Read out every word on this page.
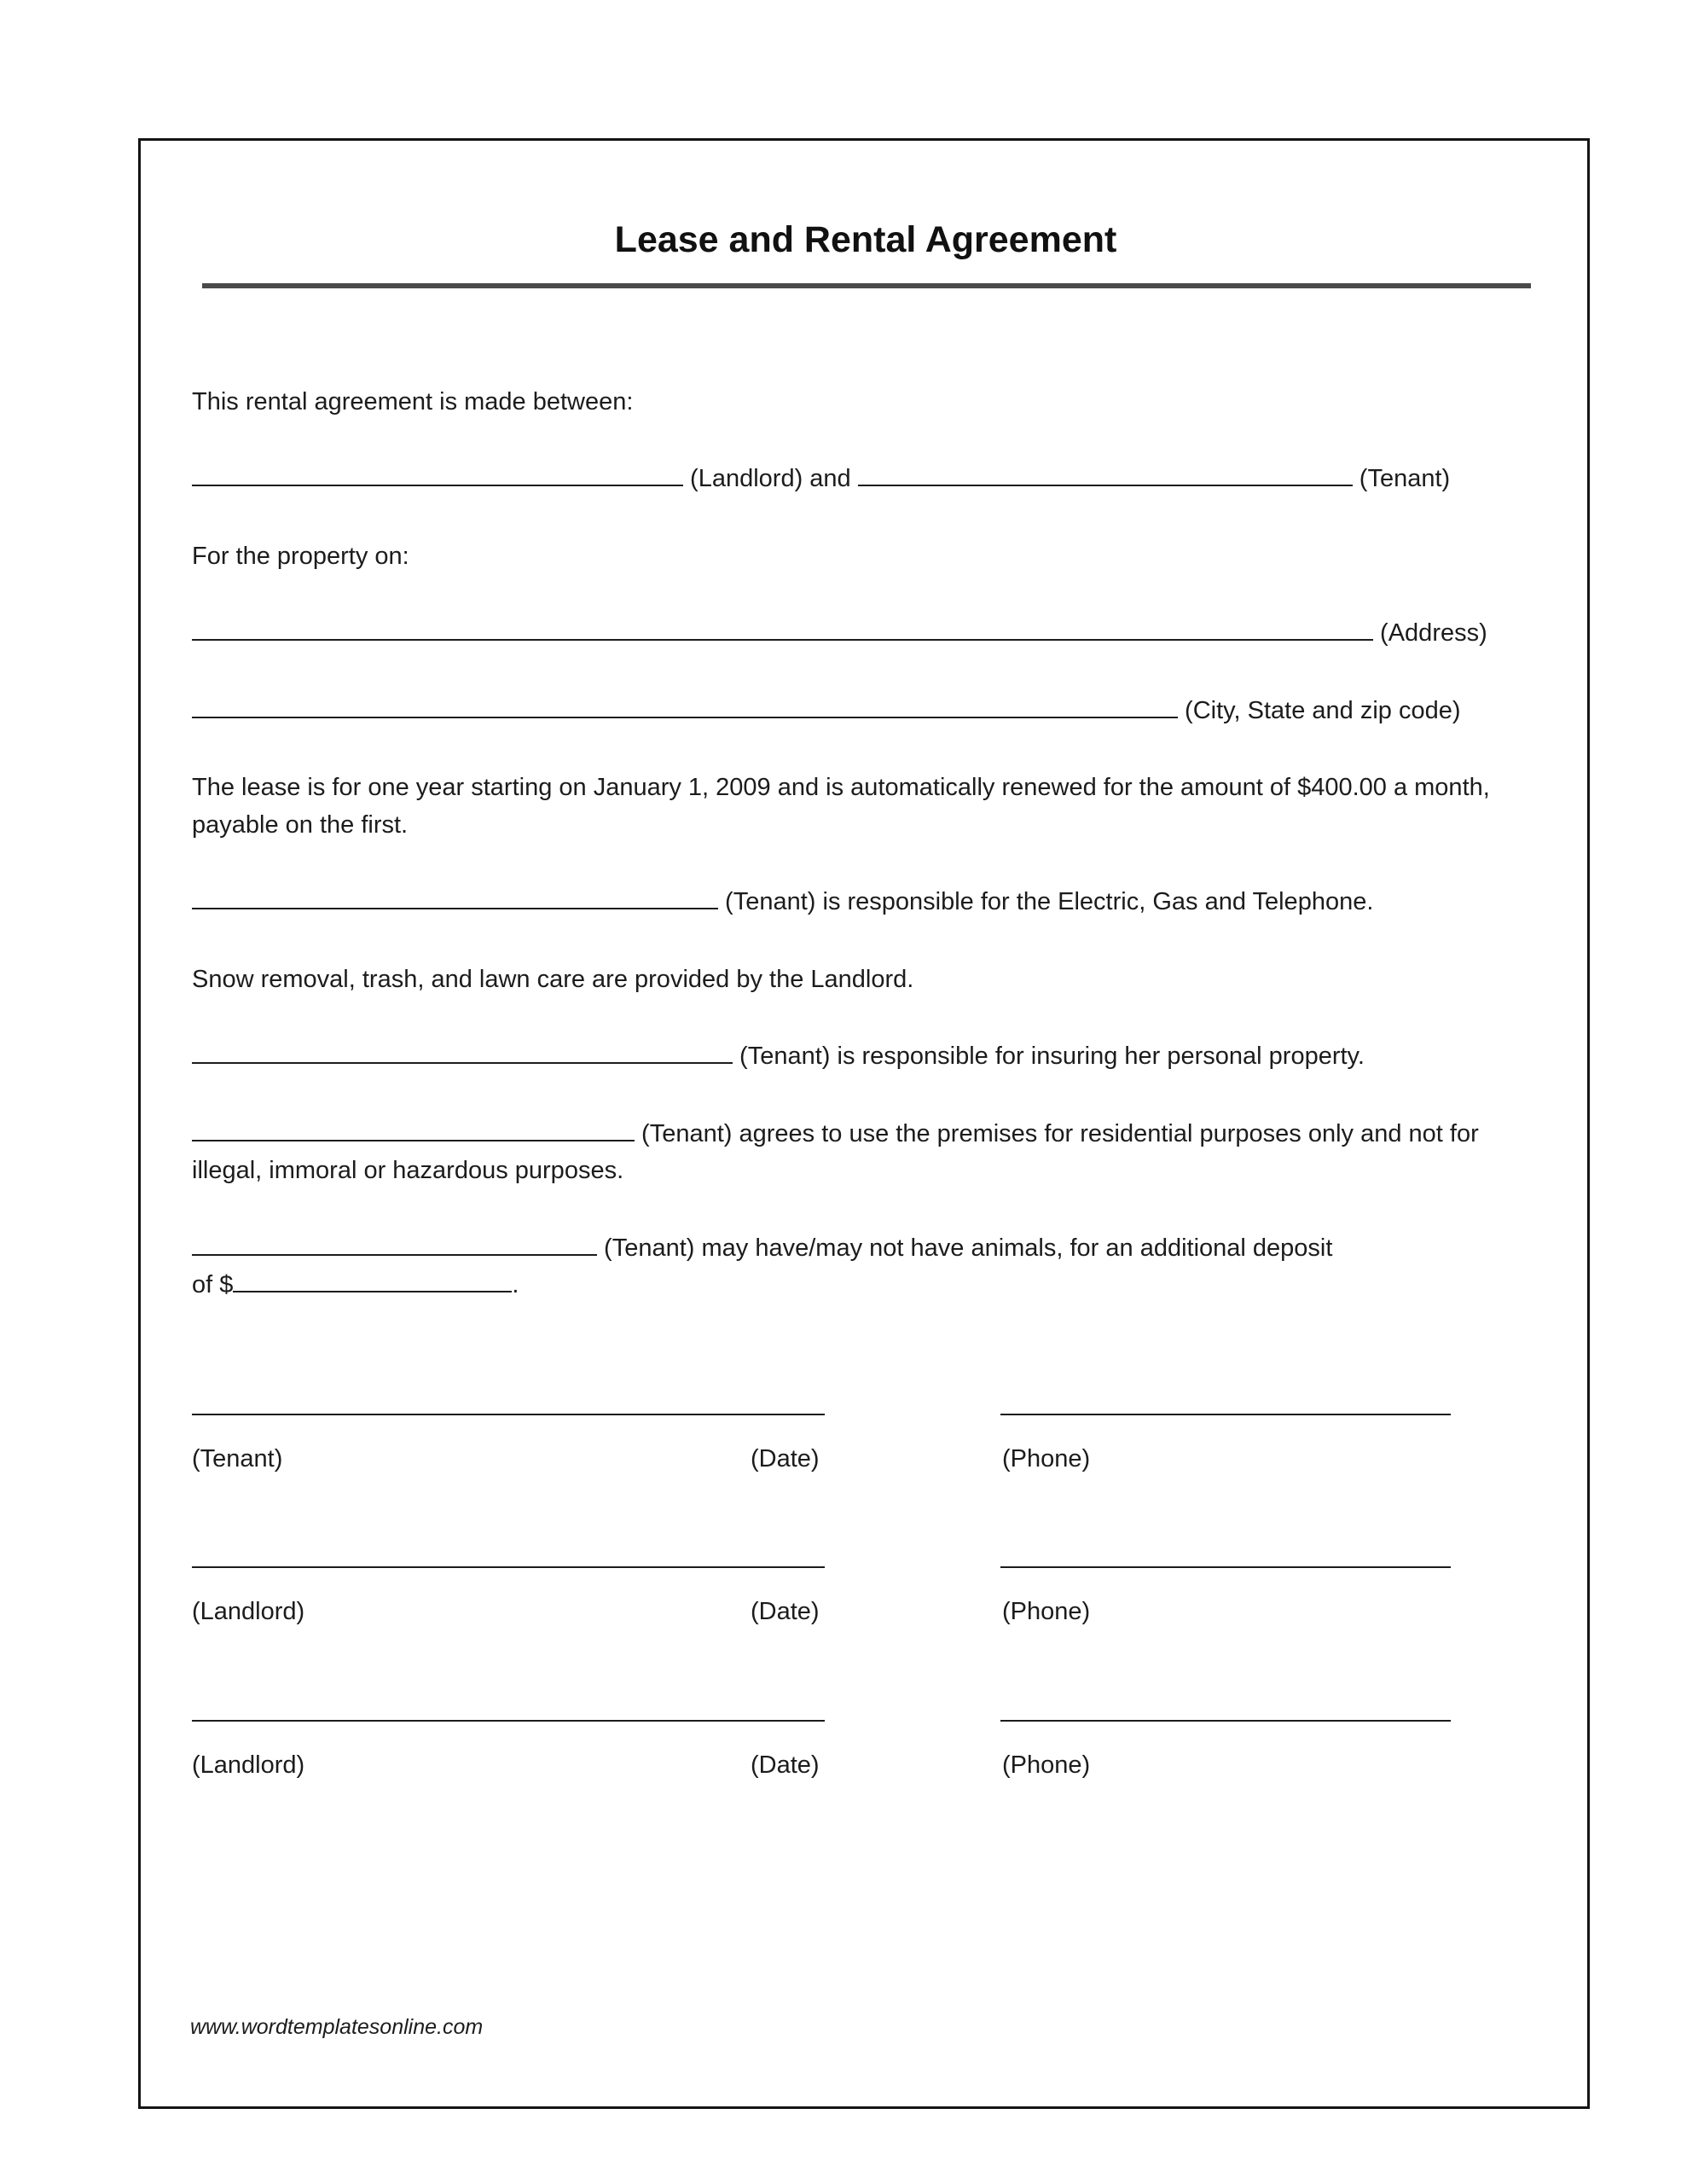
Lease and Rental Agreement

This rental agreement is made between:

(Landlord) and	(Tenant)

For the property on:

(Address)

(City, State and zip code)

The lease is for one year starting on January 1, 2009 and is automatically renewed for the amount of $400.00 a month, payable on the first.

(Tenant) is responsible for the Electric, Gas and Telephone.

Snow removal, trash, and lawn care are provided by the Landlord.

(Tenant) is responsible for insuring her personal property.

(Tenant) agrees to use the premises for residential purposes only and not for illegal, immoral or hazardous purposes.

(Tenant) may have/may not have animals, for an additional deposit
of $	.

(Tenant)	(Date)	(Phone)
(Landlord)	(Date)	(Phone)
(Landlord)	(Date)	(Phone)
www.wordtemplatesonline.com
